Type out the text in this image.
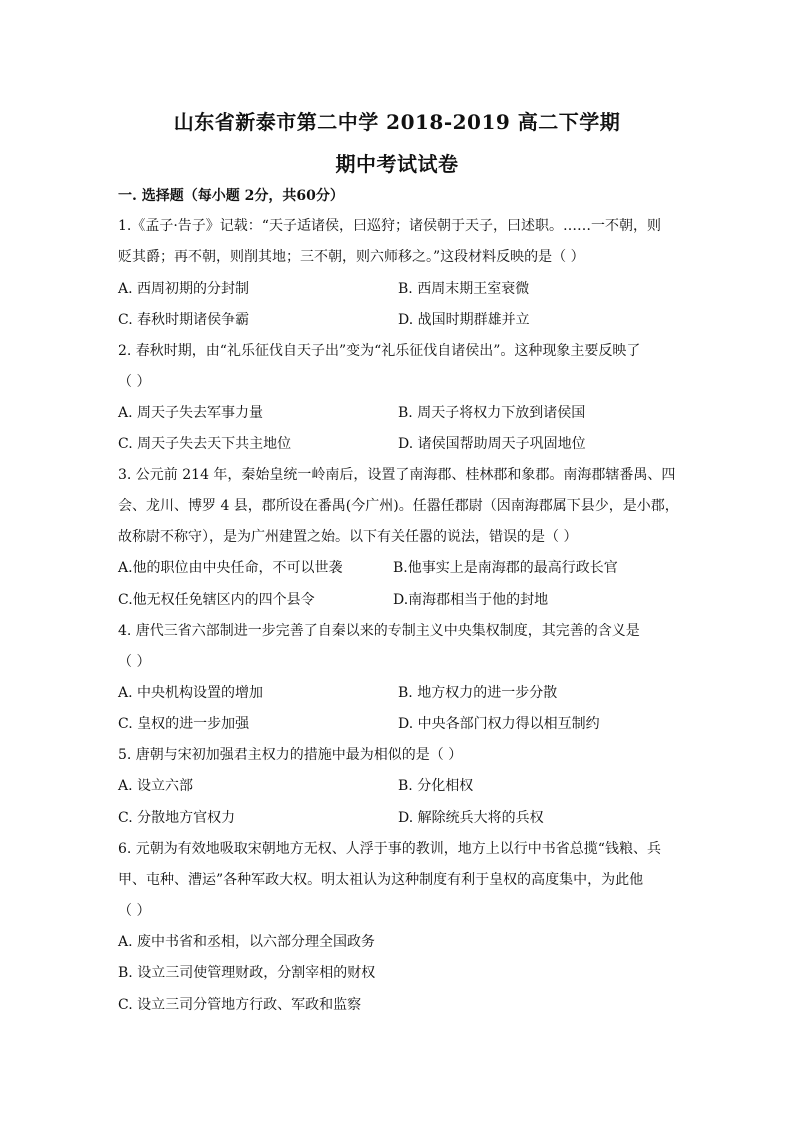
山东省新泰市第二中学 2018-2019 高二下学期
期中考试试卷
一. 选择题（每小题 2分，共60分）
1.《孟子·告子》记载：“天子适诸侯，曰巡狩；诸侯朝于天子，曰述职。……一不朝，则
贬其爵；再不朝，则削其地；三不朝，则六师移之。”这段材料反映的是（ ）
A. 西周初期的分封制	B. 西周末期王室衰微
C. 春秋时期诸侯争霸	D. 战国时期群雄并立
2. 春秋时期，由“礼乐征伐自天子出”变为“礼乐征伐自诸侯出”。这种现象主要反映了
（ ）
A. 周天子失去军事力量	B. 周天子将权力下放到诸侯国
C. 周天子失去天下共主地位	D. 诸侯国帮助周天子巩固地位
3. 公元前 214 年，秦始皇统一岭南后，设置了南海郡、桂林郡和象郡。南海郡辖番禺、四
会、龙川、博罗 4 县，郡所设在番禺(今广州)。任嚣任郡尉（因南海郡属下县少，是小郡，
故称尉不称守），是为广州建置之始。以下有关任嚣的说法，错误的是（ ）
A.他的职位由中央任命，不可以世袭	B.他事实上是南海郡的最高行政长官
C.他无权任免辖区内的四个县令	D.南海郡相当于他的封地
4. 唐代三省六部制进一步完善了自秦以来的专制主义中央集权制度，其完善的含义是
（ ）
A. 中央机构设置的增加	B. 地方权力的进一步分散
C. 皇权的进一步加强	D. 中央各部门权力得以相互制约
5. 唐朝与宋初加强君主权力的措施中最为相似的是（ ）
A. 设立六部	B. 分化相权
C. 分散地方官权力	D. 解除统兵大将的兵权
6. 元朝为有效地吸取宋朝地方无权、人浮于事的教训，地方上以行中书省总揽“钱粮、兵
甲、屯种、漕运”各种军政大权。明太祖认为这种制度有利于皇权的高度集中，为此他
（ ）
A. 废中书省和丞相，以六部分理全国政务
B. 设立三司使管理财政，分割宰相的财权
C. 设立三司分管地方行政、军政和监察
